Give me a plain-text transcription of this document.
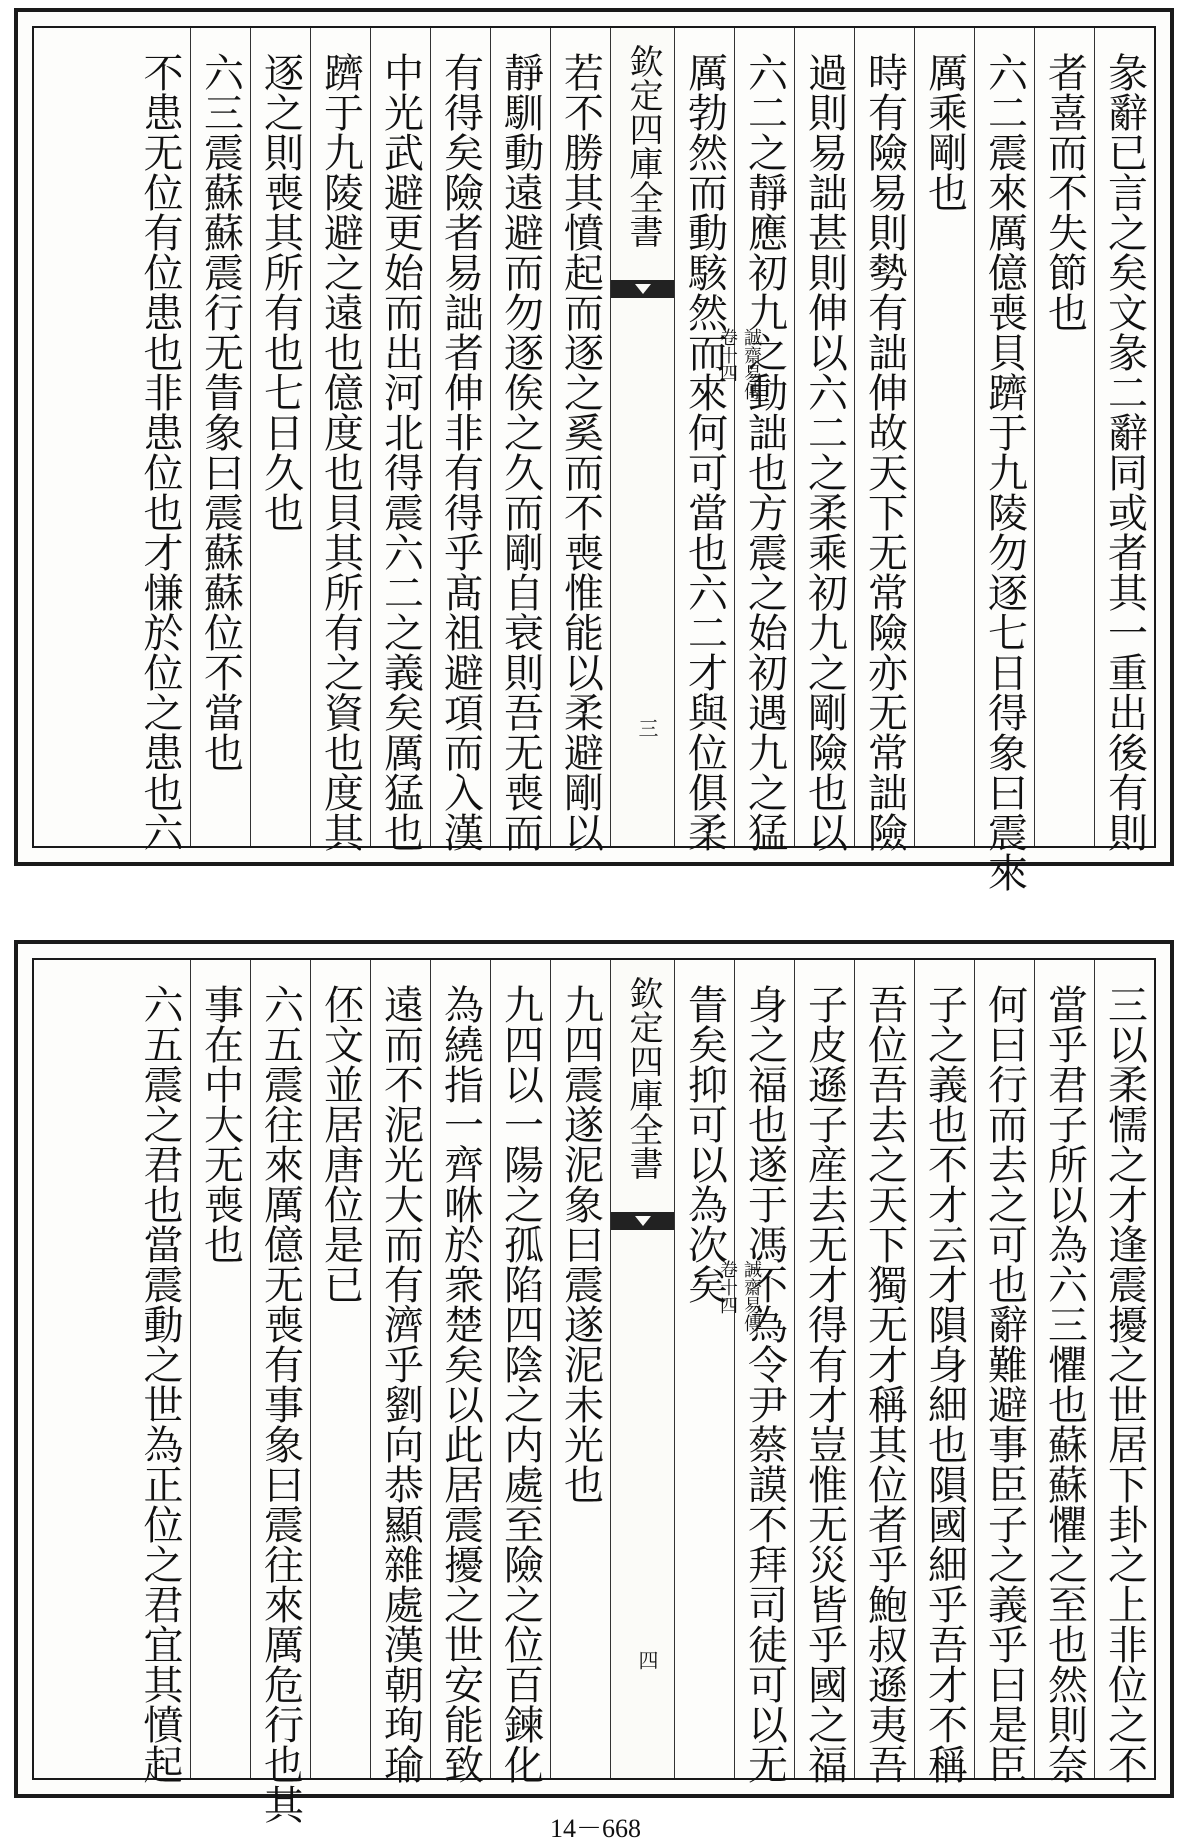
彖辭已言之矣文彖二辭同或者其一重出後有則
者喜而不失節也
六二震來厲億喪貝躋于九陵勿逐七日得象曰震來
厲乘剛也
時有險易則勢有詘伸故天下无常險亦无常詘險
過則易詘甚則伸以六二之柔乘初九之剛險也以
六二之靜應初九之動詘也方震之始初遇九之猛
厲勃然而動駭然而來何可當也六二才與位俱柔
欽定四庫全書
誠齋易傳
卷十四
三
若不勝其憤起而逐之奚而不喪惟能以柔避剛以
靜馴動遠避而勿逐俟之久而剛自衰則吾无喪而
有得矣險者易詘者伸非有得乎髙祖避項而入漢
中光武避更始而出河北得震六二之義矣厲猛也
躋于九陵避之遠也億度也貝其所有之資也度其
逐之則喪其所有也七日久也
六三震蘇蘇震行无眚象曰震蘇蘇位不當也
不患无位有位患也非患位也才慊於位之患也六
三以柔懦之才逢震擾之世居下卦之上非位之不
當乎君子所以為六三懼也蘇蘇懼之至也然則奈
何曰行而去之可也辭難避事臣子之義乎曰是臣
子之義也不才云才隕身細也隕國細乎吾才不稱
吾位吾去之天下獨无才稱其位者乎鮑叔遜夷吾
子皮遜子産去无才得有才豈惟无災皆乎國之福
身之福也遂于馮不為令尹蔡謨不拜司徒可以无
眚矣抑可以為次矣
欽定四庫全書
誠齋易傳
卷十四
四
九四震遂泥象曰震遂泥未光也
九四以一陽之孤陷四陰之内處至險之位百鍊化
為繞指一齊咻於衆楚矣以此居震擾之世安能致
遠而不泥光大而有濟乎劉向恭顯雜處漢朝珣瑜
伾文並居唐位是已
六五震往來厲億无喪有事象曰震往來厲危行也其
事在中大无喪也
六五震之君也當震動之世為正位之君宜其憤起
14－668
